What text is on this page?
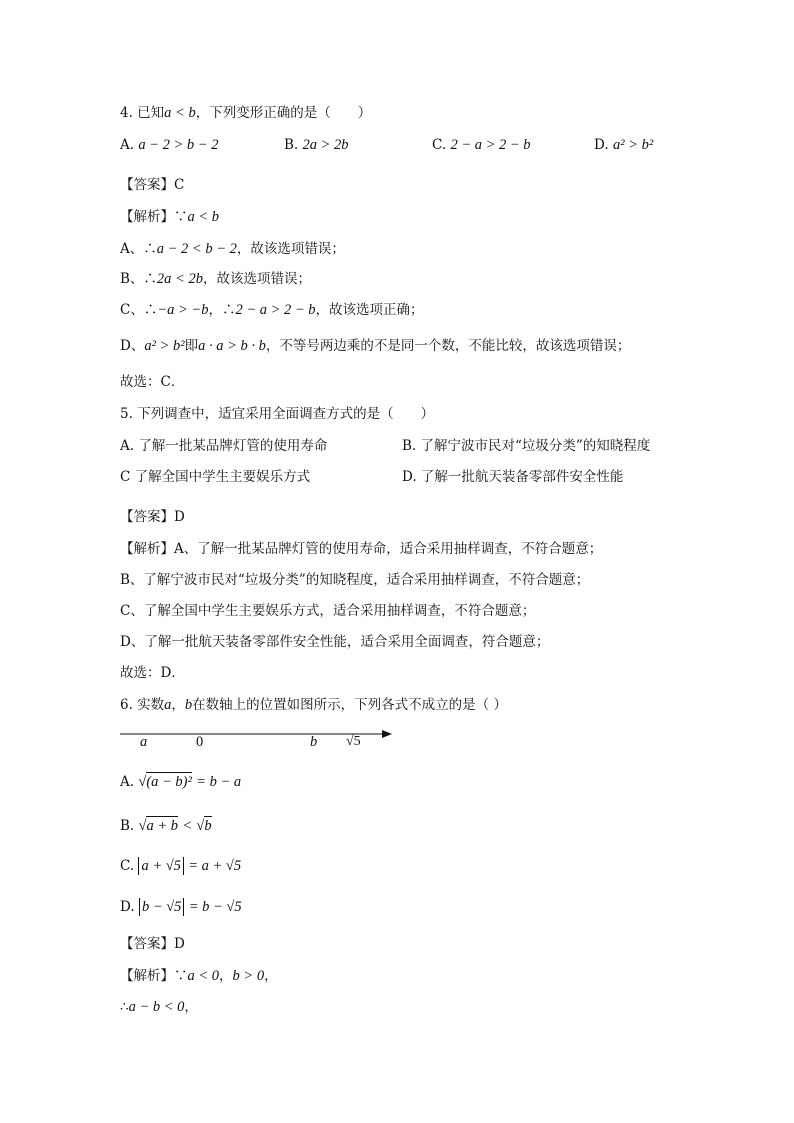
4. 已知a < b，下列变形正确的是（　　）
A. a − 2 > b − 2	B. 2a > 2b	C. 2 − a > 2 − b	D. a² > b²
【答案】C
【解析】∵a < b
A、∴a − 2 < b − 2，故该选项错误；
B、∴2a < 2b，故该选项错误；
C、∴−a > −b，∴2 − a > 2 − b，故该选项正确；
D、a² > b²即a · a > b · b，不等号两边乘的不是同一个数，不能比较，故该选项错误；
故选：C．
5. 下列调查中，适宜采用全面调查方式的是（　　）
A. 了解一批某品牌灯管的使用寿命	B. 了解宁波市民对“垃圾分类”的知晓程度
C 了解全国中学生主要娱乐方式	D. 了解一批航天装备零部件安全性能
【答案】D
【解析】A、了解一批某品牌灯管的使用寿命，适合采用抽样调查，不符合题意；
B、了解宁波市民对“垃圾分类”的知晓程度，适合采用抽样调查，不符合题意；
C、了解全国中学生主要娱乐方式，适合采用抽样调查，不符合题意；
D、了解一批航天装备零部件安全性能，适合采用全面调查，符合题意；
故选：D．
6. 实数a，b在数轴上的位置如图所示，下列各式不成立的是（ ）
a	0	b √5
A. √(a − b)² = b − a
B. √a + b < √b
C. a + √5 = a + √5
D. b − √5 = b − √5
【答案】D
【解析】∵a < 0，b > 0，
∴a − b < 0，
